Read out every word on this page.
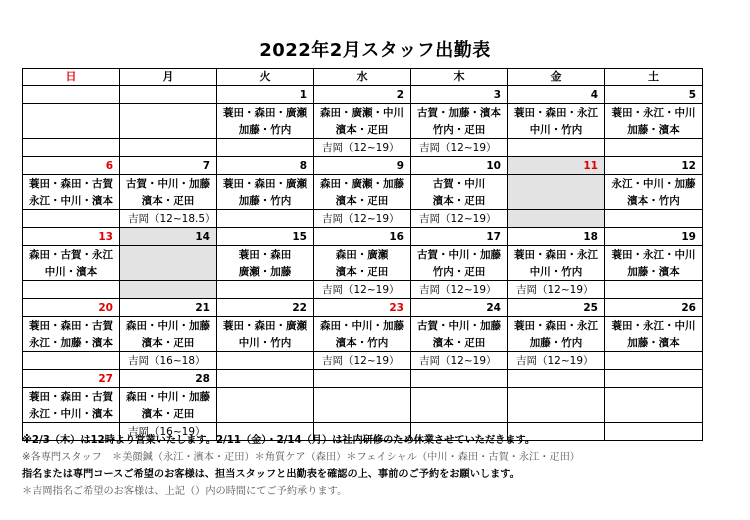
2022年2月スタッフ出勤表
日	月	火	水	木	金	土
		1	2	3	4	5
		蓑田・森田・廣瀬	森田・廣瀬・中川	古賀・加藤・濱本	蓑田・森田・永江	蓑田・永江・中川
		加藤・竹内	濱本・疋田	竹内・疋田	中川・竹内	加藤・濱本
			吉岡（12~19）	吉岡（12~19）		
6	7	8	9	10	11	12
蓑田・森田・古賀	古賀・中川・加藤	蓑田・森田・廣瀬	森田・廣瀬・加藤	古賀・中川		永江・中川・加藤
永江・中川・濱本	濱本・疋田	加藤・竹内	濱本・疋田	濱本・疋田		濱本・竹内
	吉岡（12~18.5）		吉岡（12~19）	吉岡（12~19）		
13	14	15	16	17	18	19
森田・古賀・永江		蓑田・森田	森田・廣瀬	古賀・中川・加藤	蓑田・森田・永江	蓑田・永江・中川
中川・濱本		廣瀬・加藤	濱本・疋田	竹内・疋田	中川・竹内	加藤・濱本
			吉岡（12~19）	吉岡（12~19）	吉岡（12~19）	
20	21	22	23	24	25	26
蓑田・森田・古賀	森田・中川・加藤	蓑田・森田・廣瀬	森田・中川・加藤	古賀・中川・加藤	蓑田・森田・永江	蓑田・永江・中川
永江・加藤・濱本	濱本・疋田	中川・竹内	濱本・竹内	濱本・疋田	加藤・竹内	加藤・濱本
	吉岡（16~18）		吉岡（12~19）	吉岡（12~19）	吉岡（12~19）	
27	28					
蓑田・森田・古賀	森田・中川・加藤					
永江・中川・濱本	濱本・疋田					
	吉岡（16~19）					
※2/3（木）は12時より営業いたします。2/11（金）・2/14（月）は社内研修のため休業させていただきます。
※各専門スタッフ　＊美顔鍼（永江・濱本・疋田）＊角質ケア（森田）＊フェイシャル（中川・森田・古賀・永江・疋田）
指名または専門コースご希望のお客様は、担当スタッフと出勤表を確認の上、事前のご予約をお願いします。
＊吉岡指名ご希望のお客様は、上記（）内の時間にてご予約承ります。
